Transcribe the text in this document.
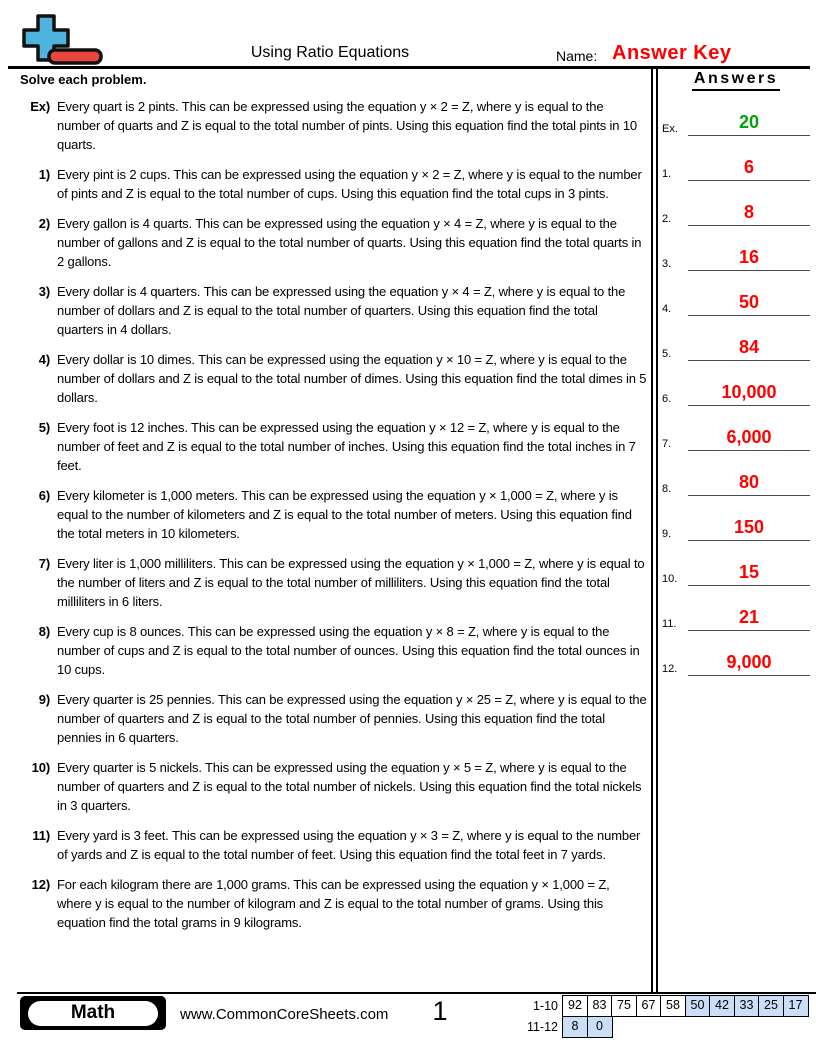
Using Ratio Equations	Name: Answer Key
Solve each problem.
Ex) Every quart is 2 pints. This can be expressed using the equation y × 2 = Z, where y is equal to the number of quarts and Z is equal to the total number of pints. Using this equation find the total pints in 10 quarts.
1) Every pint is 2 cups. This can be expressed using the equation y × 2 = Z, where y is equal to the number of pints and Z is equal to the total number of cups. Using this equation find the total cups in 3 pints.
2) Every gallon is 4 quarts. This can be expressed using the equation y × 4 = Z, where y is equal to the number of gallons and Z is equal to the total number of quarts. Using this equation find the total quarts in 2 gallons.
3) Every dollar is 4 quarters. This can be expressed using the equation y × 4 = Z, where y is equal to the number of dollars and Z is equal to the total number of quarters. Using this equation find the total quarters in 4 dollars.
4) Every dollar is 10 dimes. This can be expressed using the equation y × 10 = Z, where y is equal to the number of dollars and Z is equal to the total number of dimes. Using this equation find the total dimes in 5 dollars.
5) Every foot is 12 inches. This can be expressed using the equation y × 12 = Z, where y is equal to the number of feet and Z is equal to the total number of inches. Using this equation find the total inches in 7 feet.
6) Every kilometer is 1,000 meters. This can be expressed using the equation y × 1,000 = Z, where y is equal to the number of kilometers and Z is equal to the total number of meters. Using this equation find the total meters in 10 kilometers.
7) Every liter is 1,000 milliliters. This can be expressed using the equation y × 1,000 = Z, where y is equal to the number of liters and Z is equal to the total number of milliliters. Using this equation find the total milliliters in 6 liters.
8) Every cup is 8 ounces. This can be expressed using the equation y × 8 = Z, where y is equal to the number of cups and Z is equal to the total number of ounces. Using this equation find the total ounces in 10 cups.
9) Every quarter is 25 pennies. This can be expressed using the equation y × 25 = Z, where y is equal to the number of quarters and Z is equal to the total number of pennies. Using this equation find the total pennies in 6 quarters.
10) Every quarter is 5 nickels. This can be expressed using the equation y × 5 = Z, where y is equal to the number of quarters and Z is equal to the total number of nickels. Using this equation find the total nickels in 3 quarters.
11) Every yard is 3 feet. This can be expressed using the equation y × 3 = Z, where y is equal to the number of yards and Z is equal to the total number of feet. Using this equation find the total feet in 7 yards.
12) For each kilogram there are 1,000 grams. This can be expressed using the equation y × 1,000 = Z, where y is equal to the number of kilogram and Z is equal to the total number of grams. Using this equation find the total grams in 9 kilograms.
Answers
Ex.	20
1.	6
2.	8
3.	16
4.	50
5.	84
6.	10,000
7.	6,000
8.	80
9.	150
10.	15
11.	21
12.	9,000
Math	www.CommonCoreSheets.com 1	1-10 92 83 75 67 58 50 42 33 25 17
11-12	8	0
